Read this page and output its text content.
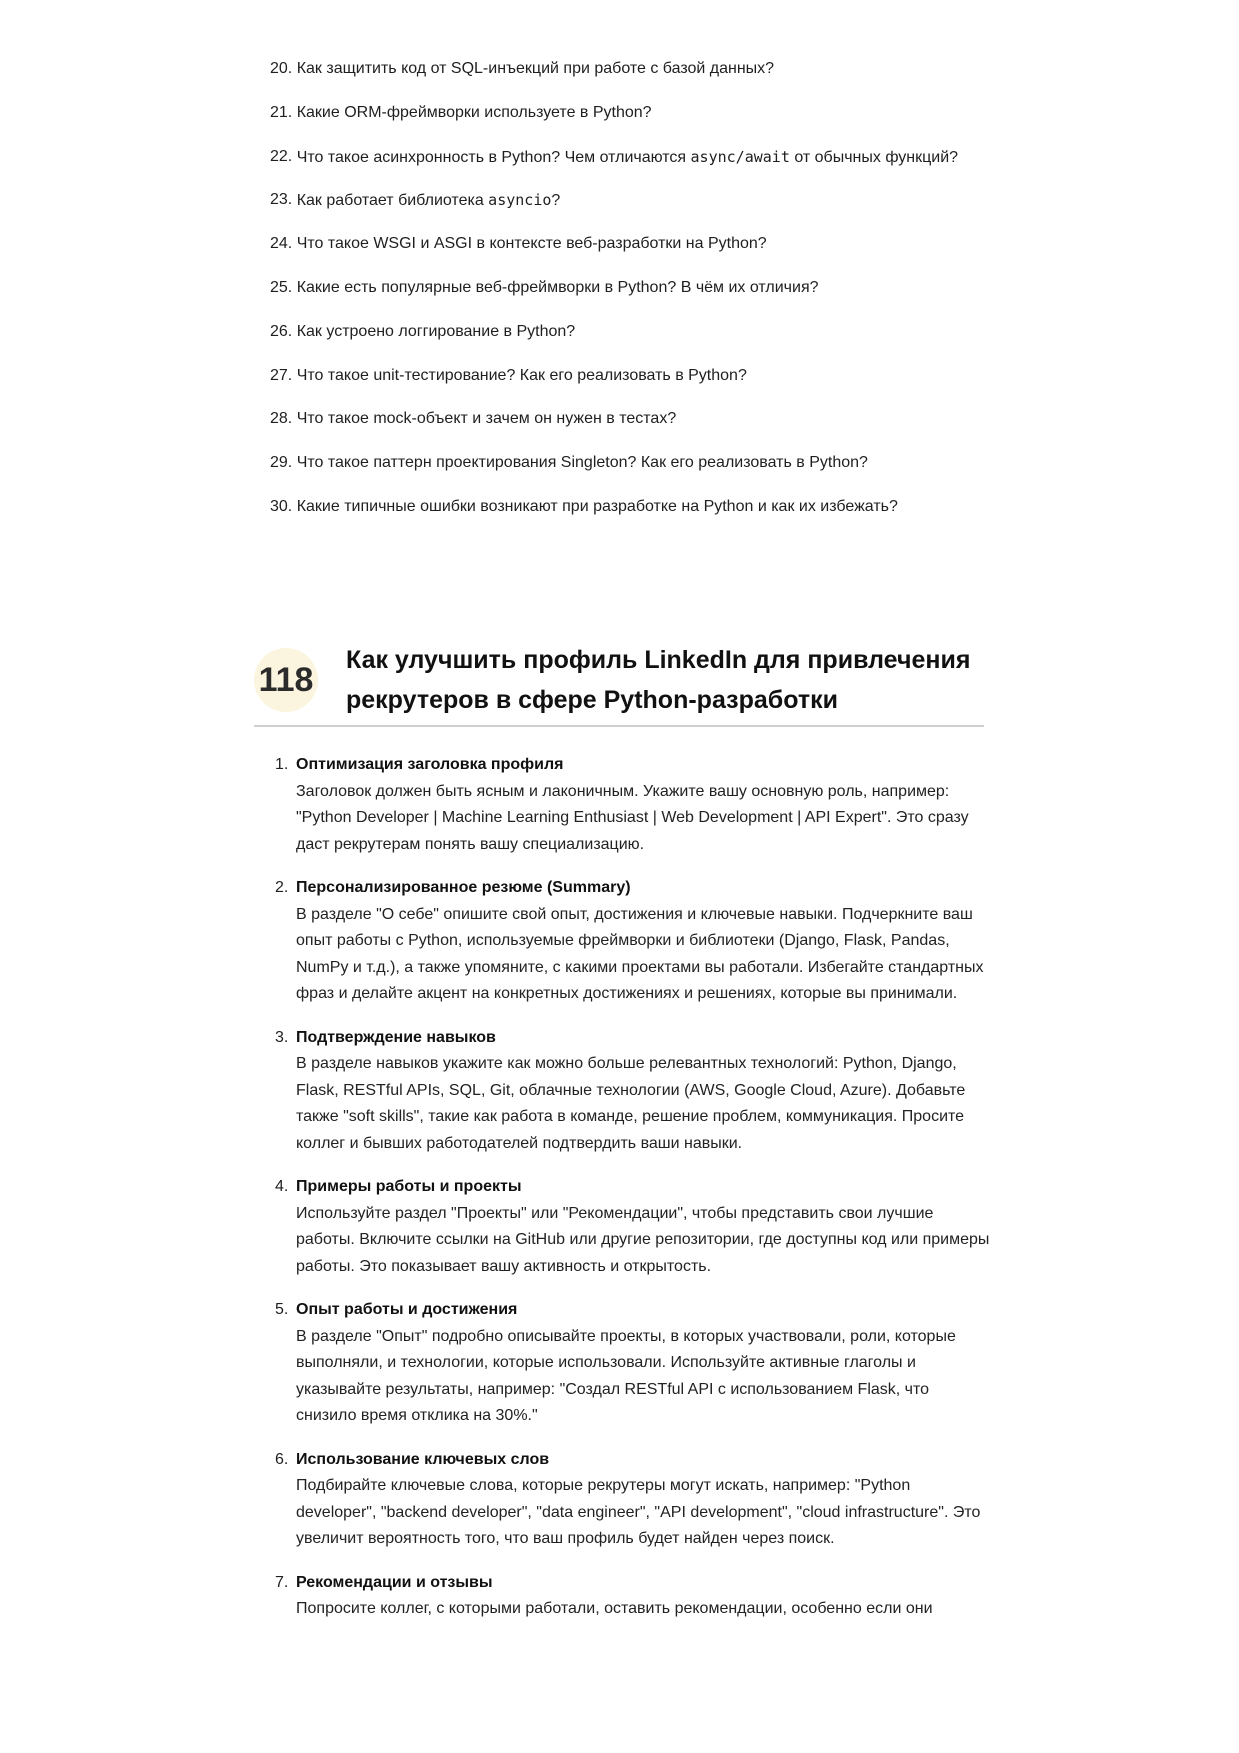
20.
Как защитить код от SQL-инъекций при работе с базой данных?
21.
Какие ORM-фреймворки используете в Python?
22.
Что такое асинхронность в Python? Чем отличаются async/await от обычных функций?
23.
Как работает библиотека asyncio?
24.
Что такое WSGI и ASGI в контексте веб-разработки на Python?
25.
Какие есть популярные веб-фреймворки в Python? В чём их отличия?
26.
Как устроено логгирование в Python?
27.
Что такое unit-тестирование? Как его реализовать в Python?
28.
Что такое mock-объект и зачем он нужен в тестах?
29.
Что такое паттерн проектирования Singleton? Как его реализовать в Python?
30.
Какие типичные ошибки возникают при разработке на Python и как их избежать?
118
Как улучшить профиль LinkedIn для привлечения
рекрутеров в сфере Python-разработки
1. Оптимизация заголовка профиля
Заголовок должен быть ясным и лаконичным. Укажите вашу основную роль, например: "Python Developer | Machine Learning Enthusiast | Web Development | API Expert". Это сразу даст рекрутерам понять вашу специализацию.
2. Персонализированное резюме (Summary)
В разделе "О себе" опишите свой опыт, достижения и ключевые навыки. Подчеркните ваш опыт работы с Python, используемые фреймворки и библиотеки (Django, Flask, Pandas, NumPy и т.д.), а также упомяните, с какими проектами вы работали. Избегайте стандартных фраз и делайте акцент на конкретных достижениях и решениях, которые вы принимали.
3. Подтверждение навыков
В разделе навыков укажите как можно больше релевантных технологий: Python, Django, Flask, RESTful APIs, SQL, Git, облачные технологии (AWS, Google Cloud, Azure). Добавьте также "soft skills", такие как работа в команде, решение проблем, коммуникация. Просите коллег и бывших работодателей подтвердить ваши навыки.
4. Примеры работы и проекты
Используйте раздел "Проекты" или "Рекомендации", чтобы представить свои лучшие работы. Включите ссылки на GitHub или другие репозитории, где доступны код или примеры работы. Это показывает вашу активность и открытость.
5. Опыт работы и достижения
В разделе "Опыт" подробно описывайте проекты, в которых участвовали, роли, которые выполняли, и технологии, которые использовали. Используйте активные глаголы и указывайте результаты, например: "Создал RESTful API с использованием Flask, что снизило время отклика на 30%."
6. Использование ключевых слов
Подбирайте ключевые слова, которые рекрутеры могут искать, например: "Python developer", "backend developer", "data engineer", "API development", "cloud infrastructure". Это увеличит вероятность того, что ваш профиль будет найден через поиск.
7. Рекомендации и отзывы
Попросите коллег, с которыми работали, оставить рекомендации, особенно если они
